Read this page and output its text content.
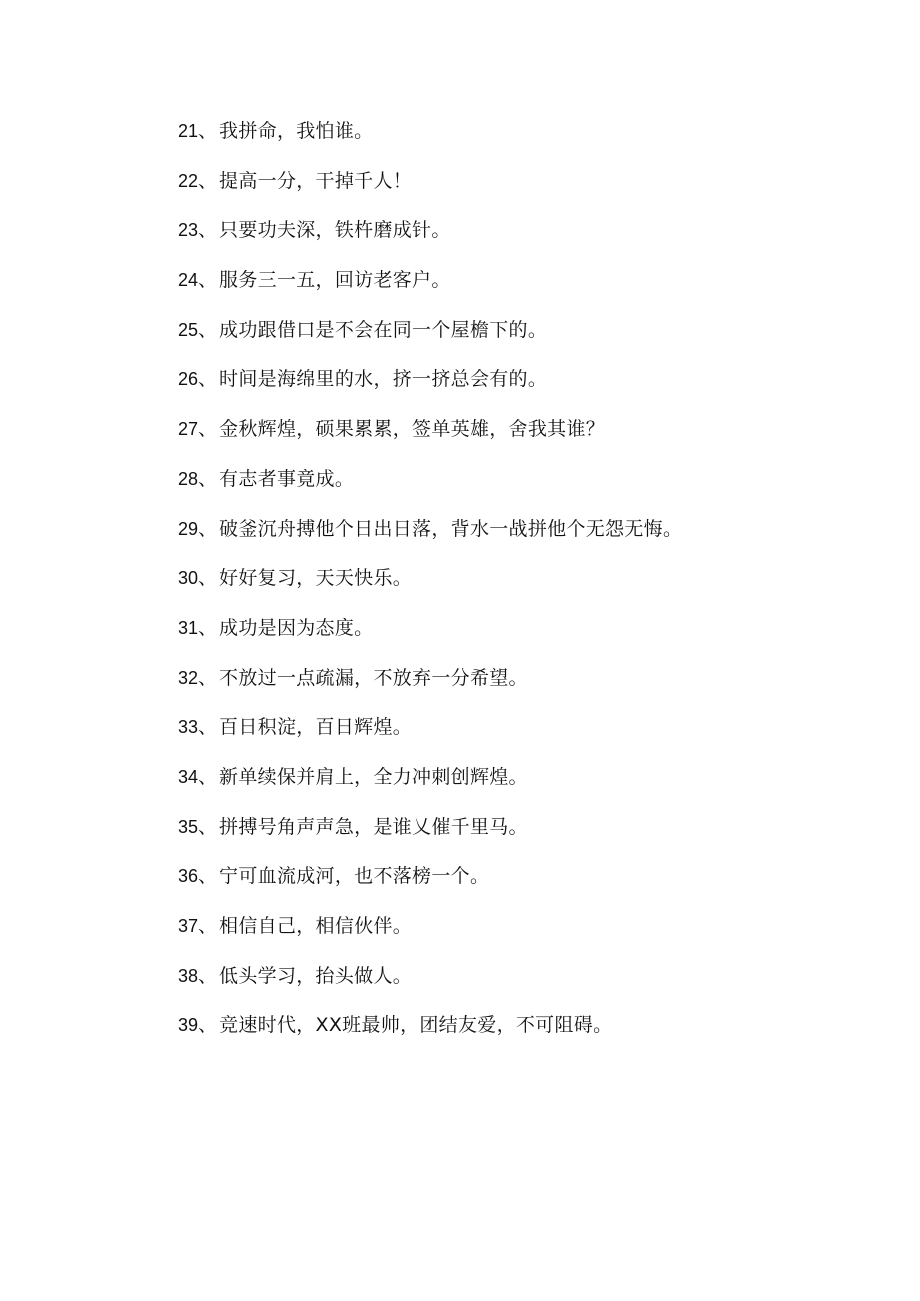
21 、 我拼命，我怕谁。
22 、 提高一分，干掉千人！
23 、 只要功夫深，铁杵磨成针。
24 、 服务三一五，回访老客户。
25 、 成功跟借口是不会在同一个屋檐下的。
26 、 时间是海绵里的水，挤一挤总会有的。
27 、 金秋辉煌，硕果累累，签单英雄，舍我其谁？
28 、 有志者事竟成。
29 、 破釜沉舟搏他个日出日落，背水一战拼他个无怨无悔。
30 、 好好复习，天天快乐。
31 、 成功是因为态度。
32 、 不放过一点疏漏，不放弃一分希望。
33 、 百日积淀，百日辉煌。
34 、 新单续保并肩上，全力冲刺创辉煌。
35 、 拼搏号角声声急，是谁乂催千里马。
36 、 宁可血流成河，也不落榜一个。
37 、 相信自己，相信伙伴。
38 、 低头学习，抬头做人。
39 、 竞速时代，XX班最帅，团结友爱，不可阻碍。
